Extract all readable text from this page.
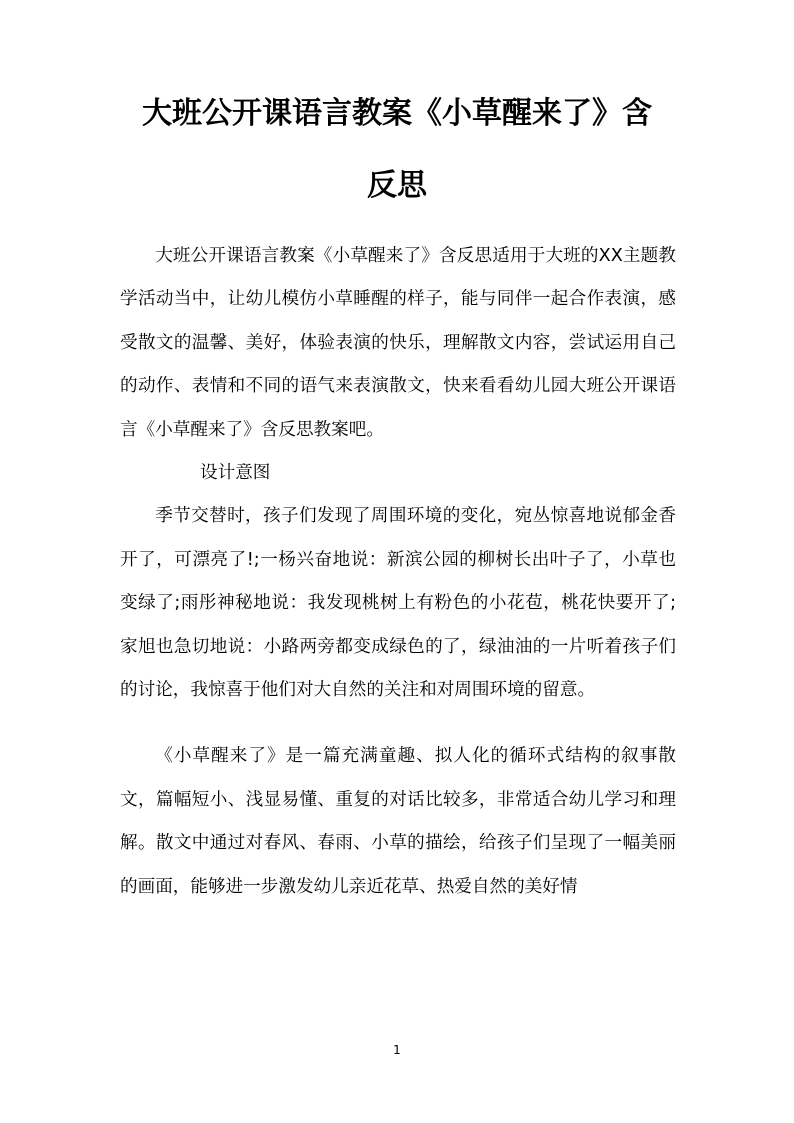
大班公开课语言教案《小草醒来了》含
反思

大班公开课语言教案《小草醒来了》含反思适用于大班的XX主题教学活动当中，让幼儿模仿小草睡醒的样子，能与同伴一起合作表演，感受散文的温馨、美好，体验表演的快乐，理解散文内容，尝试运用自己的动作、表情和不同的语气来表演散文，快来看看幼儿园大班公开课语言《小草醒来了》含反思教案吧。

设计意图

季节交替时，孩子们发现了周围环境的变化，宛丛惊喜地说郁金香开了，可漂亮了!;一杨兴奋地说：新滨公园的柳树长出叶子了，小草也变绿了;雨彤神秘地说：我发现桃树上有粉色的小花苞，桃花快要开了;家旭也急切地说：小路两旁都变成绿色的了，绿油油的一片听着孩子们的讨论，我惊喜于他们对大自然的关注和对周围环境的留意。

《小草醒来了》是一篇充满童趣、拟人化的循环式结构的叙事散文，篇幅短小、浅显易懂、重复的对话比较多，非常适合幼儿学习和理解。散文中通过对春风、春雨、小草的描绘，给孩子们呈现了一幅美丽的画面，能够进一步激发幼儿亲近花草、热爱自然的美好情

1
